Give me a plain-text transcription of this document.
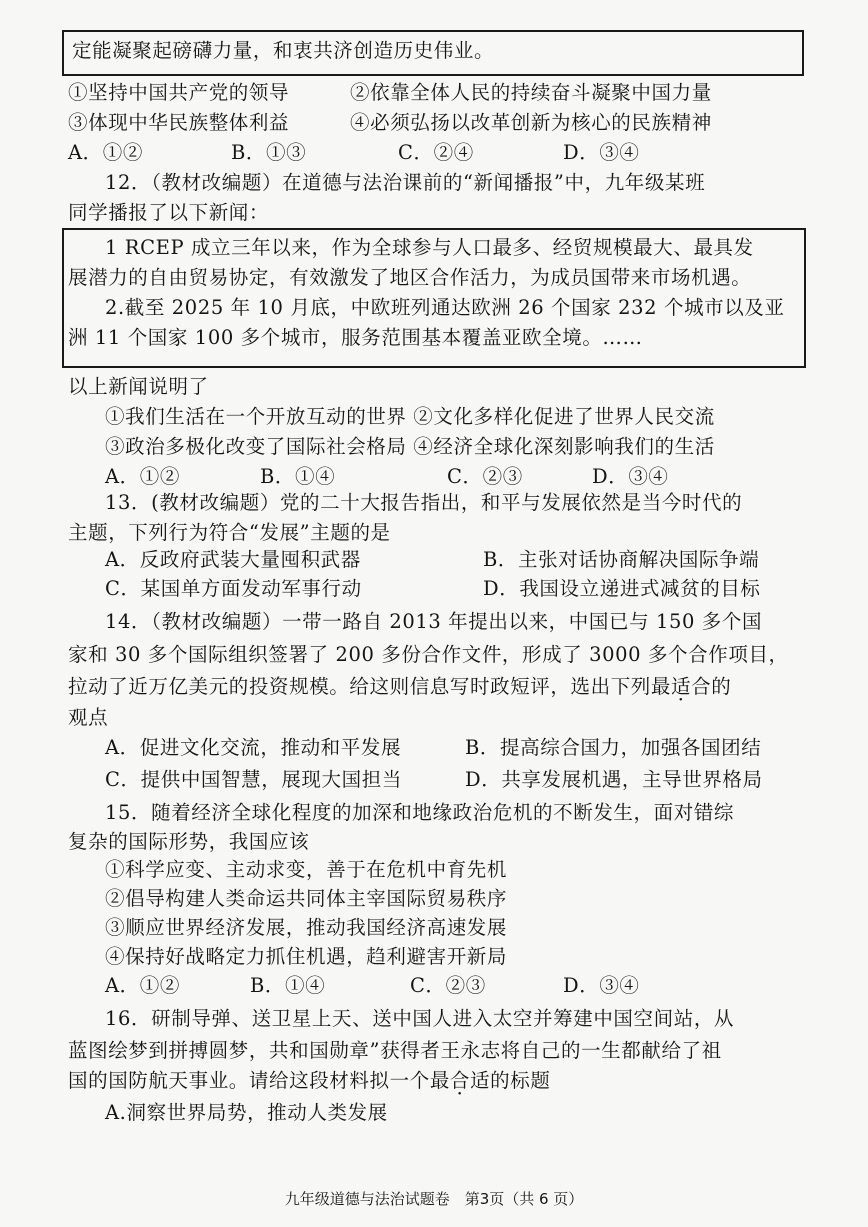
定能凝聚起磅礴力量，和衷共济创造历史伟业。
①坚持中国共产党的领导	②依靠全体人民的持续奋斗凝聚中国力量
③体现中华民族整体利益	④必须弘扬以改革创新为核心的民族精神
A．①②	B．①③	C．②④	D．③④
12．（教材改编题）在道德与法治课前的“新闻播报”中，九年级某班
同学播报了以下新闻：
1 RCEP 成立三年以来，作为全球参与人口最多、经贸规模最大、最具发
展潜力的自由贸易协定，有效激发了地区合作活力，为成员国带来市场机遇。
2.截至 2025 年 10 月底，中欧班列通达欧洲 26 个国家 232 个城市以及亚
洲 11 个国家 100 多个城市，服务范围基本覆盖亚欧全境。……
以上新闻说明了
①我们生活在一个开放互动的世界 ②文化多样化促进了世界人民交流
③政治多极化改变了国际社会格局 ④经济全球化深刻影响我们的生活
A．①②	B．①④	C．②③	D．③④
13．(教材改编题）党的二十大报告指出，和平与发展依然是当今时代的
主题，下列行为符合“发展”主题的是
A．反政府武装大量囤积武器	B．主张对话协商解决国际争端
C．某国单方面发动军事行动	D．我国设立递进式减贫的目标
14．（教材改编题）一带一路自 2013 年提出以来，中国已与 150 多个国
家和 30 多个国际组织签署了 200 多份合作文件，形成了 3000 多个合作项目，
拉动了近万亿美元的投资规模。给这则信息写时政短评，选出下列最适合的
观点
A．促进文化交流，推动和平发展	B．提高综合国力，加强各国团结
C．提供中国智慧，展现大国担当	D．共享发展机遇，主导世界格局
15．随着经济全球化程度的加深和地缘政治危机的不断发生，面对错综
复杂的国际形势，我国应该
①科学应变、主动求变，善于在危机中育先机
②倡导构建人类命运共同体主宰国际贸易秩序
③顺应世界经济发展，推动我国经济高速发展
④保持好战略定力抓住机遇，趋利避害开新局
A．①②	B．①④	C．②③	D．③④
16．研制导弹、送卫星上天、送中国人进入太空并筹建中国空间站，从
蓝图绘梦到拼搏圆梦，共和国勋章”获得者王永志将自己的一生都献给了祖
国的国防航天事业。请给这段材料拟一个最合适的标题
A.洞察世界局势，推动人类发展
九年级道德与法治试题卷　第3页（共 6 页）
